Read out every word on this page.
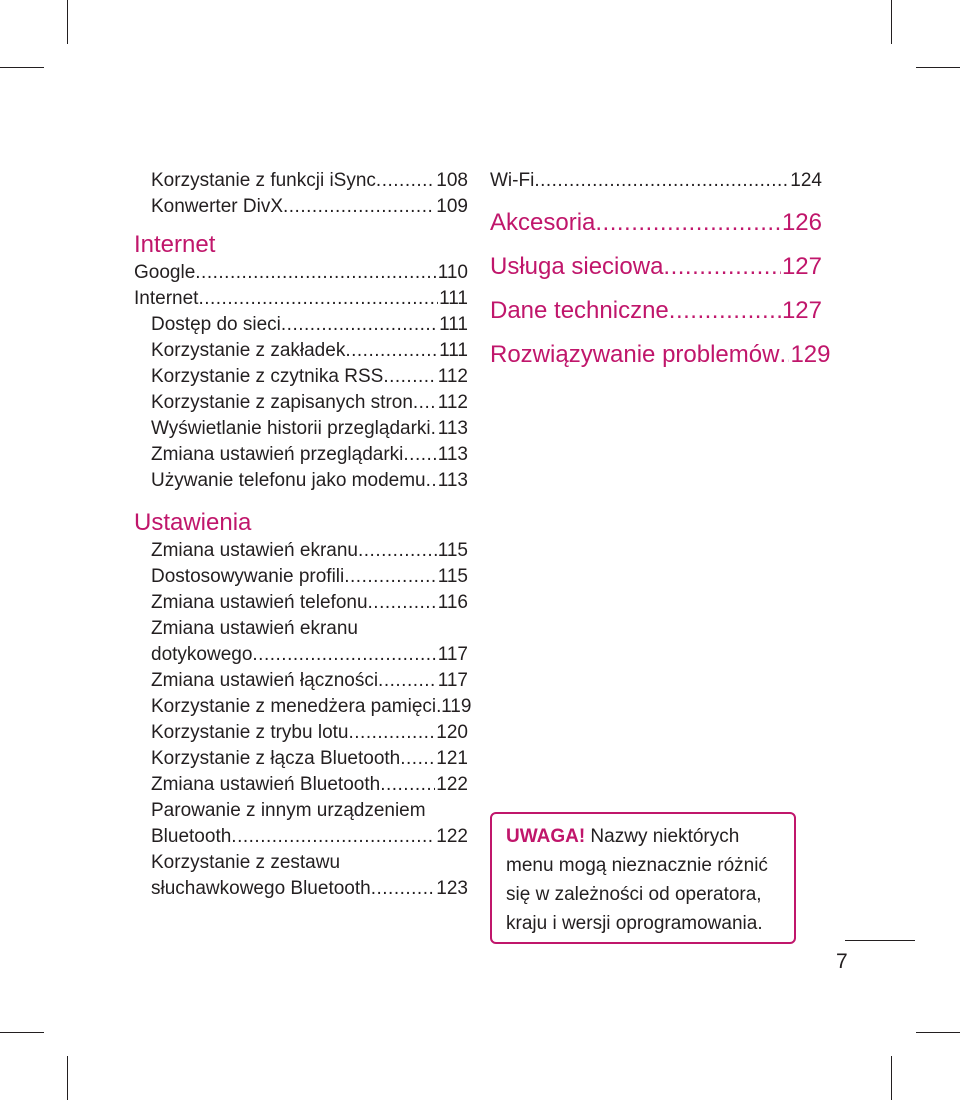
Korzystanie z funkcji iSync .....	108
Konwerter DivX .....	109
Internet
Google .....	110
Internet .....	111
Dostęp do sieci .....	111
Korzystanie z zakładek .....	111
Korzystanie z czytnika RSS .....	112
Korzystanie z zapisanych stron ..... 112
Wyświetlanie historii przeglądarki ..... 113
Zmiana ustawień przeglądarki ..... 113
Używanie telefonu jako modemu ..... 113
Ustawienia
Zmiana ustawień ekranu .....	115
Dostosowywanie profili .....	115
Zmiana ustawień telefonu .....	116
Zmiana ustawień ekranu
dotykowego .....	117
Zmiana ustawień łączności .....	117
Korzystanie z menedżera pamięci ..... 119
Korzystanie z trybu lotu .....	120
Korzystanie z łącza Bluetooth ..... 121
Zmiana ustawień Bluetooth .....	122
Parowanie z innym urządzeniem
Bluetooth .....	122
Korzystanie z zestawu
słuchawkowego Bluetooth .....	123
Wi-Fi .....	124
Akcesoria .....	126
Usługa sieciowa .....	127
Dane techniczne .....	127
Rozwiązywanie problemów ..... 129
UWAGA! Nazwy niektórych menu mogą nieznacznie różnić się w zależności od operatora, kraju i wersji oprogramowania.
7
